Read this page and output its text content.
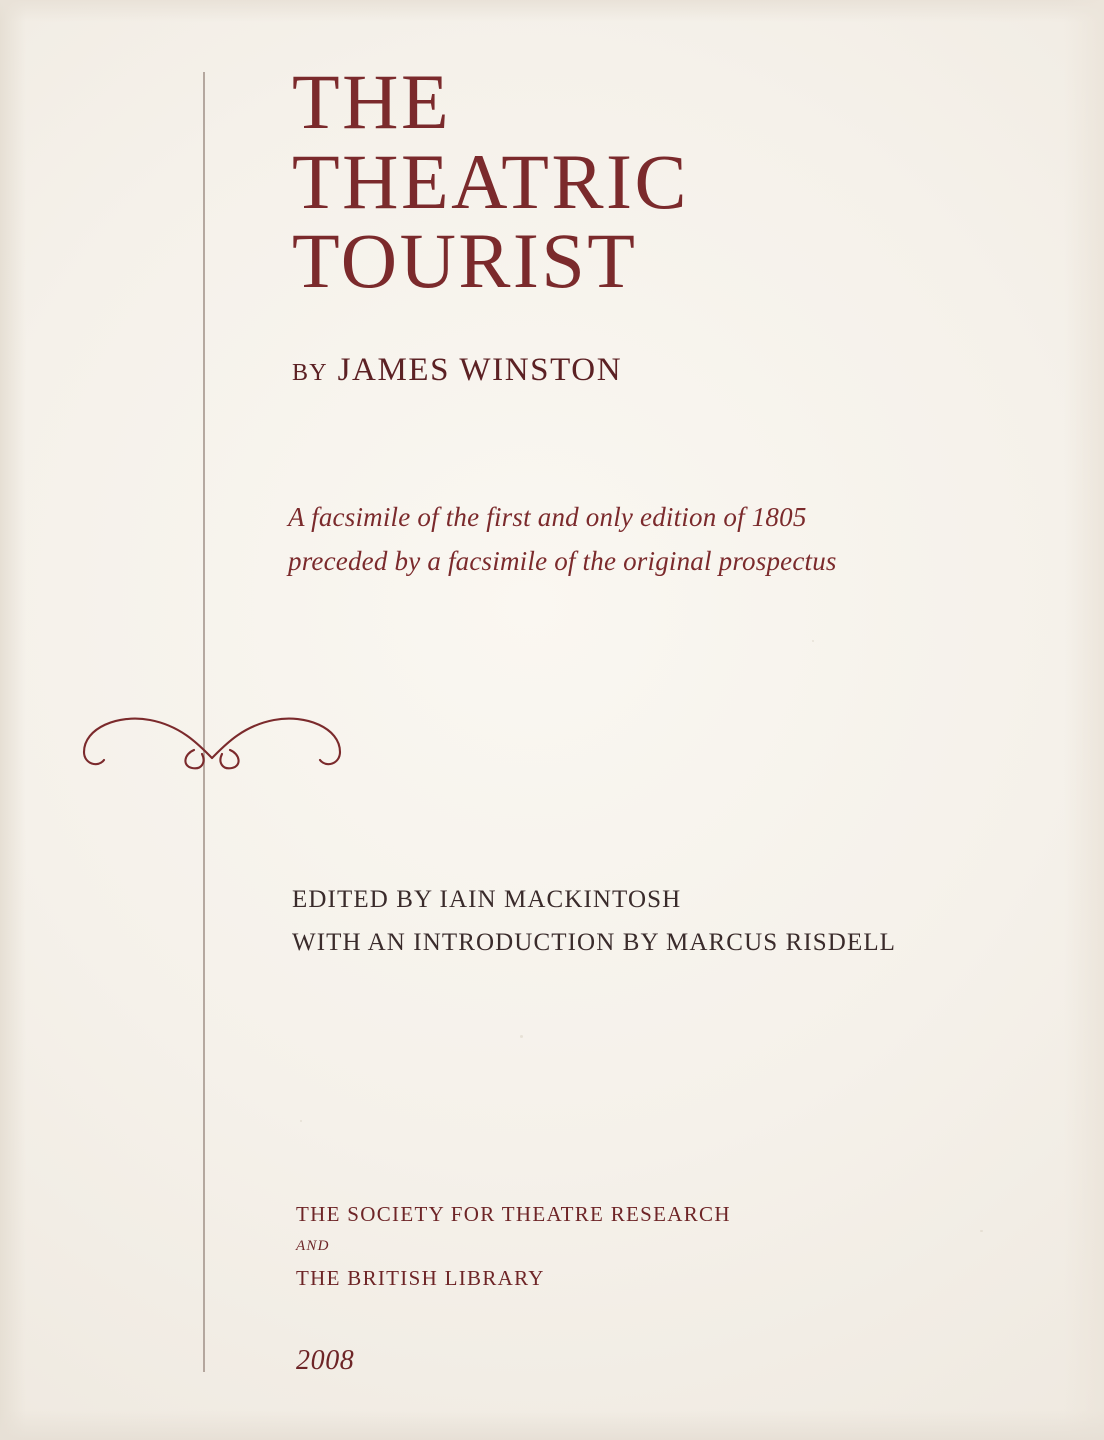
THE
THEATRIC
TOURIST
BY JAMES WINSTON
A facsimile of the first and only edition of 1805
preceded by a facsimile of the original prospectus
EDITED BY IAIN MACKINTOSH
WITH AN INTRODUCTION BY MARCUS RISDELL
THE SOCIETY FOR THEATRE RESEARCH
AND
THE BRITISH LIBRARY
2008
